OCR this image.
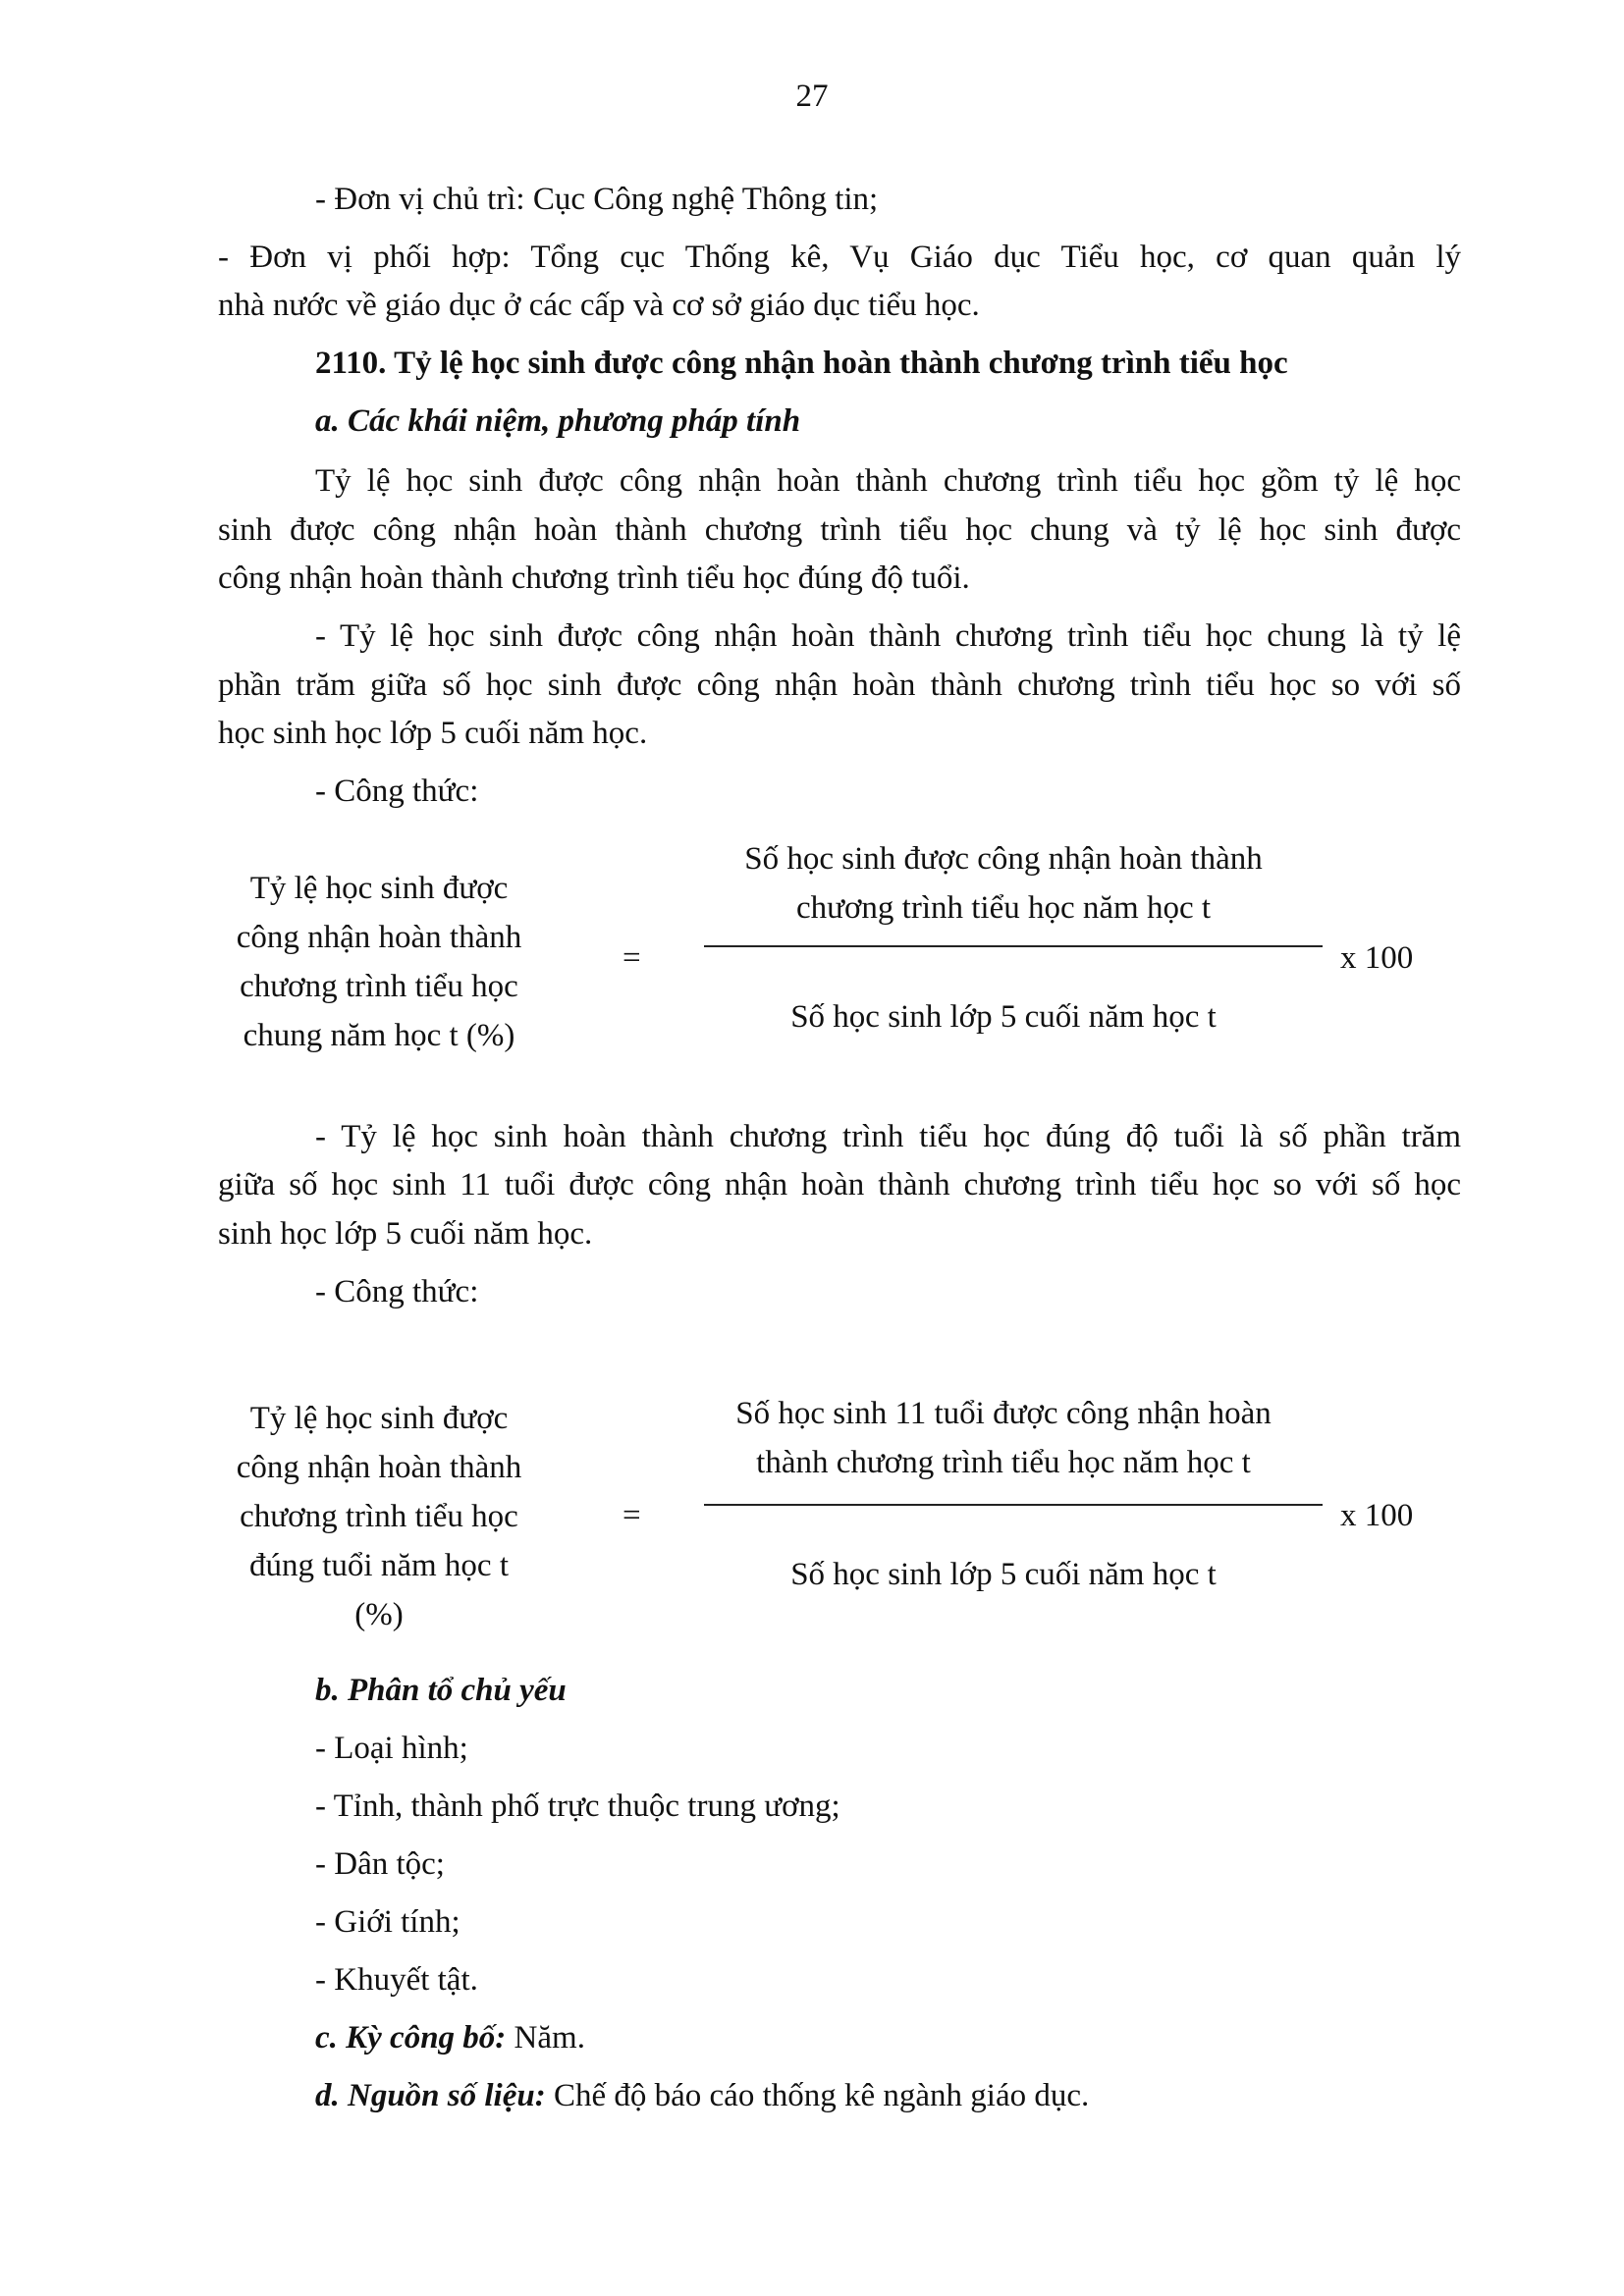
27
- Đơn vị chủ trì: Cục Công nghệ Thông tin;
- Đơn vị phối hợp: Tổng cục Thống kê, Vụ Giáo dục Tiểu học, cơ quan quản lý
nhà nước về giáo dục ở các cấp và cơ sở giáo dục tiểu học.
2110. Tỷ lệ học sinh được công nhận hoàn thành chương trình tiểu học
a. Các khái niệm, phương pháp tính
Tỷ lệ học sinh được công nhận hoàn thành chương trình tiểu học gồm tỷ lệ học
sinh được công nhận hoàn thành chương trình tiểu học chung và tỷ lệ học sinh được
công nhận hoàn thành chương trình tiểu học đúng độ tuổi.
- Tỷ lệ học sinh được công nhận hoàn thành chương trình tiểu học chung là tỷ lệ
phần trăm giữa số học sinh được công nhận hoàn thành chương trình tiểu học so với số
học sinh học lớp 5 cuối năm học.
- Công thức:
Tỷ lệ học sinh được
công nhận hoàn thành
chương trình tiểu học
chung năm học t (%)
=
Số học sinh được công nhận hoàn thành
chương trình tiểu học năm học t
Số học sinh lớp 5 cuối năm học t
x 100
- Tỷ lệ học sinh hoàn thành chương trình tiểu học đúng độ tuổi là số phần trăm
giữa số học sinh 11 tuổi được công nhận hoàn thành chương trình tiểu học so với số học
sinh học lớp 5 cuối năm học.
- Công thức:
Tỷ lệ học sinh được
công nhận hoàn thành
chương trình tiểu học
đúng tuổi năm học t
(%)
=
Số học sinh 11 tuổi được công nhận hoàn
thành chương trình tiểu học năm học t
Số học sinh lớp 5 cuối năm học t
x 100
b. Phân tổ chủ yếu
- Loại hình;
- Tỉnh, thành phố trực thuộc trung ương;
- Dân tộc;
- Giới tính;
- Khuyết tật.
c. Kỳ công bố: Năm.
d. Nguồn số liệu: Chế độ báo cáo thống kê ngành giáo dục.
